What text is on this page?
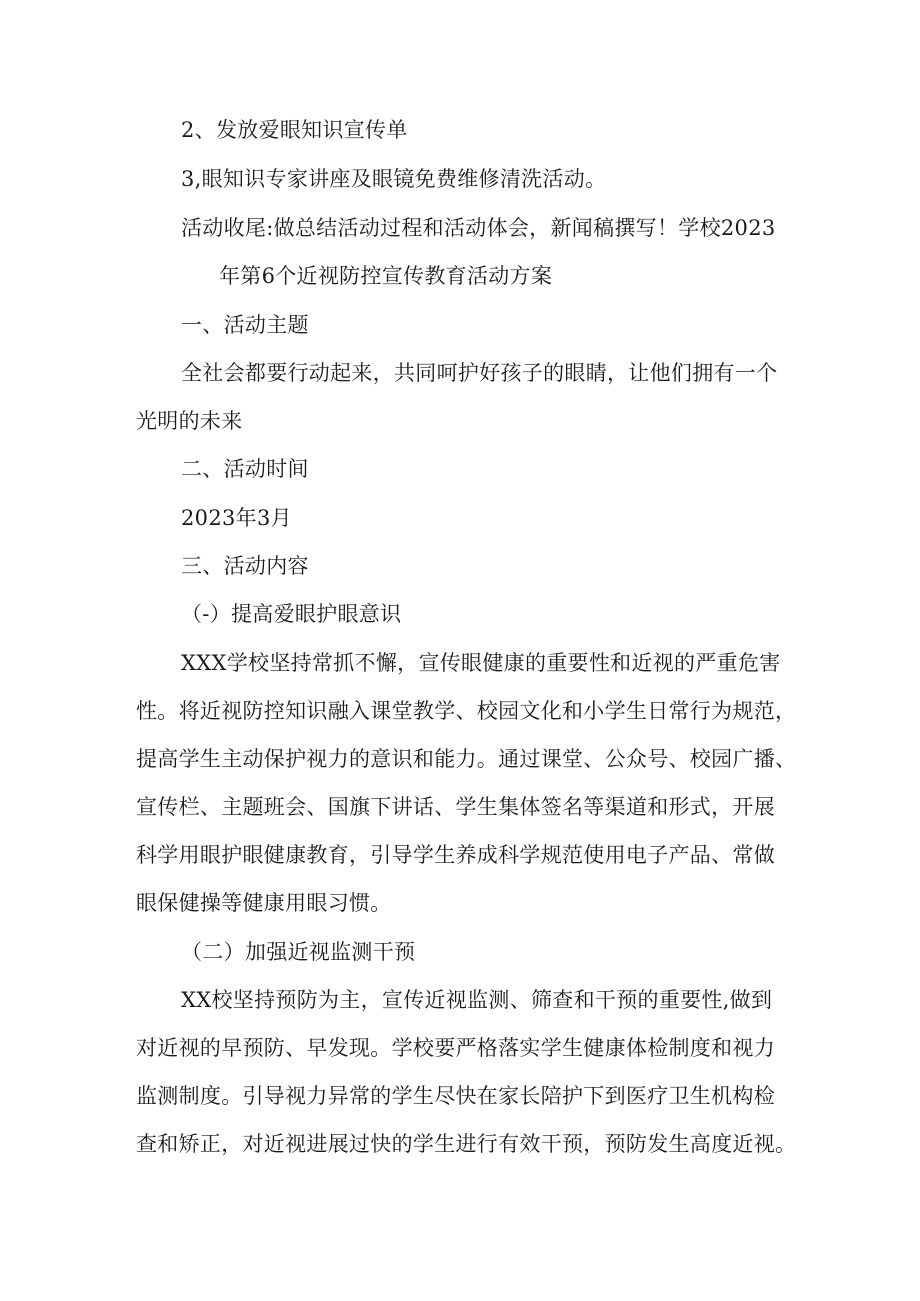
2、发放爱眼知识宣传单

3,眼知识专家讲座及眼镜免费维修清洗活动。

活动收尾:做总结活动过程和活动体会，新闻稿撰写！学校2023

年第6个近视防控宣传教育活动方案

一、活动主题

全社会都要行动起来，共同呵护好孩子的眼睛，让他们拥有一个

光明的未来

二、活动时间

2023年3月

三、活动内容

（-）提高爱眼护眼意识

XXX学校坚持常抓不懈，宣传眼健康的重要性和近视的严重危害

性。将近视防控知识融入课堂教学、校园文化和小学生日常行为规范，

提高学生主动保护视力的意识和能力。通过课堂、公众号、校园广播、

宣传栏、主题班会、国旗下讲话、学生集体签名等渠道和形式，开展

科学用眼护眼健康教育，引导学生养成科学规范使用电子产品、常做

眼保健操等健康用眼习惯。

（二）加强近视监测干预

XX校坚持预防为主，宣传近视监测、筛查和干预的重要性,做到

对近视的早预防、早发现。学校要严格落实学生健康体检制度和视力

监测制度。引导视力异常的学生尽快在家长陪护下到医疗卫生机构检

查和矫正，对近视进展过快的学生进行有效干预，预防发生高度近视。
